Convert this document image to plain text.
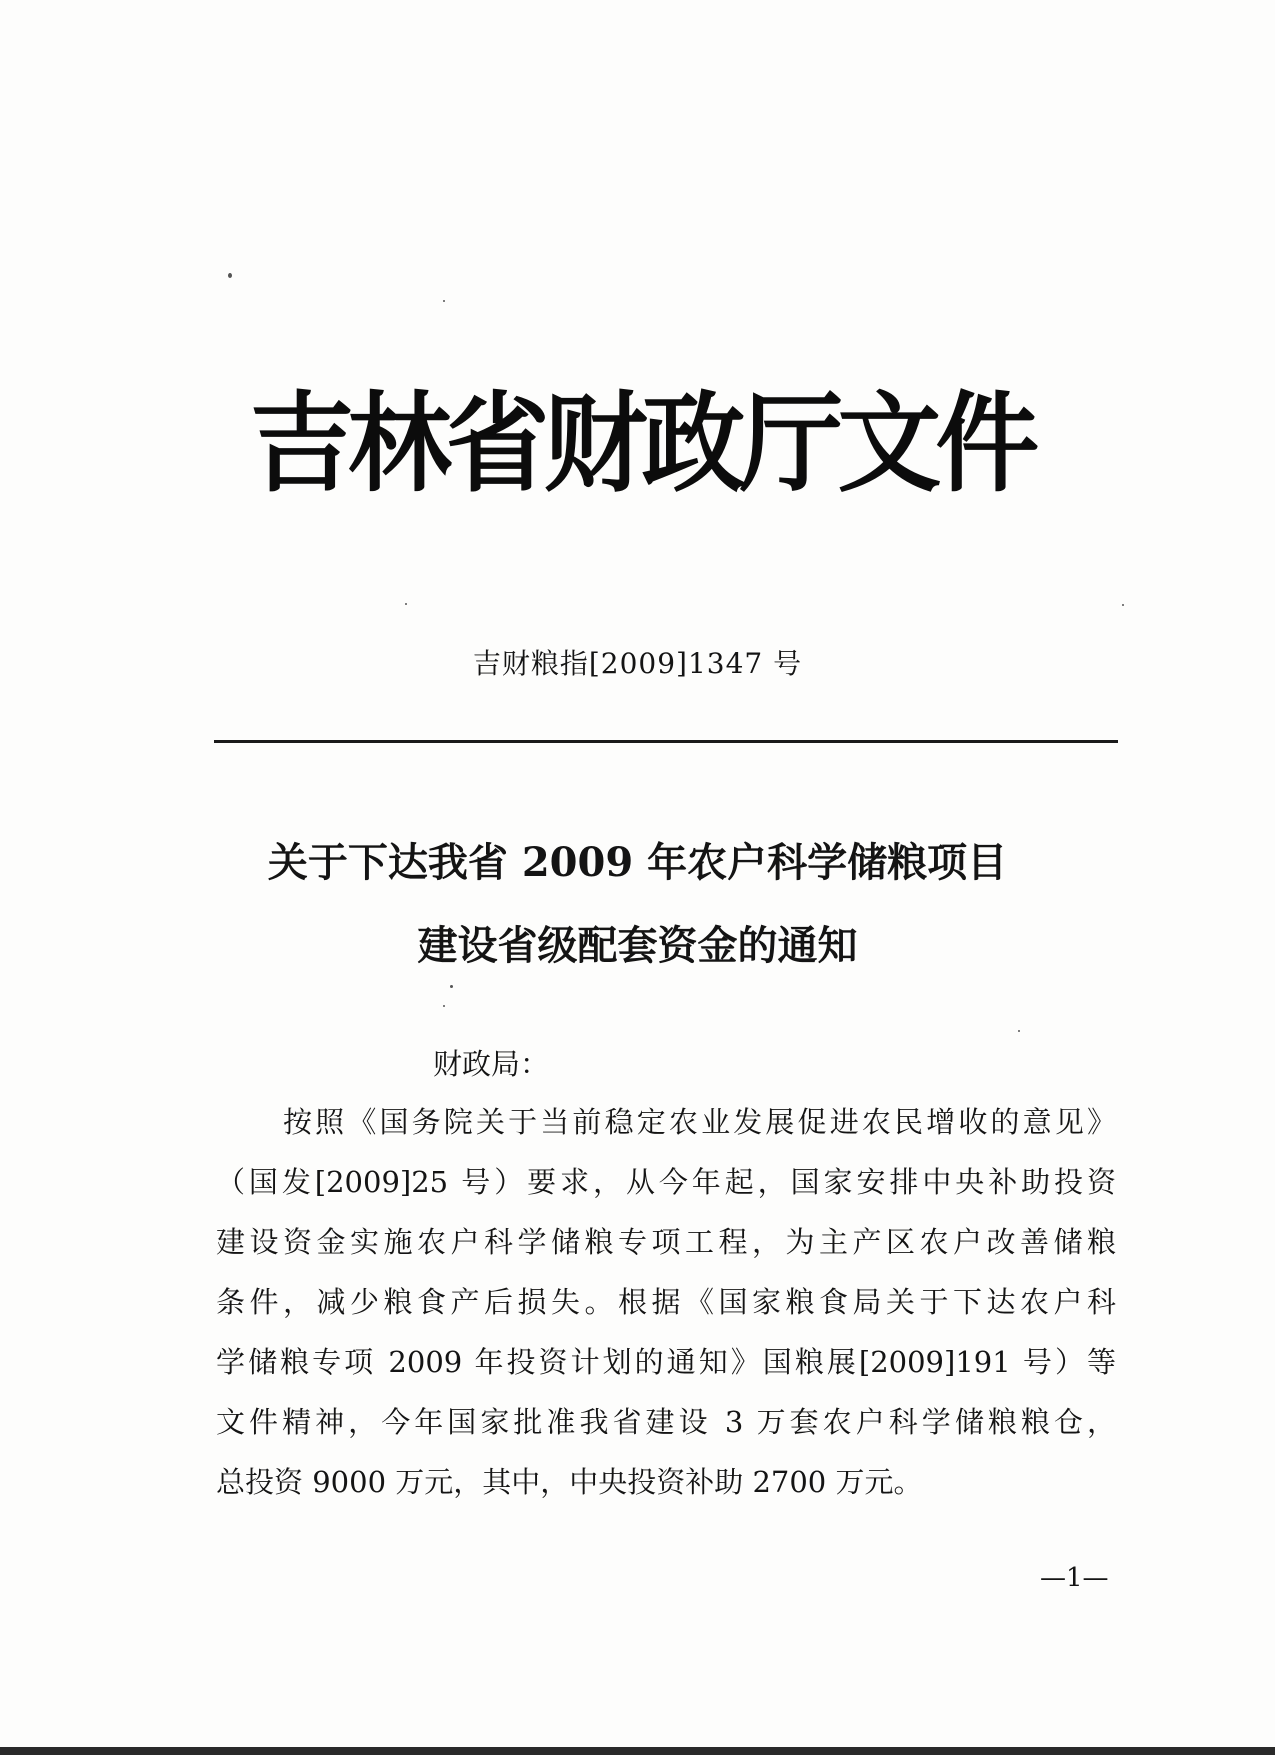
吉林省财政厅文件
吉财粮指[2009]1347 号
关于下达我省 2009 年农户科学储粮项目
建设省级配套资金的通知
财政局：
按照《国务院关于当前稳定农业发展促进农民增收的意见》
（国发[2009]25 号）要求，从今年起，国家安排中央补助投资
建设资金实施农户科学储粮专项工程，为主产区农户改善储粮
条件，减少粮食产后损失。根据《国家粮食局关于下达农户科
学储粮专项 2009 年投资计划的通知》国粮展[2009]191 号）等
文件精神，今年国家批准我省建设 3 万套农户科学储粮粮仓，
总投资 9000 万元，其中，中央投资补助 2700 万元。
—1—
